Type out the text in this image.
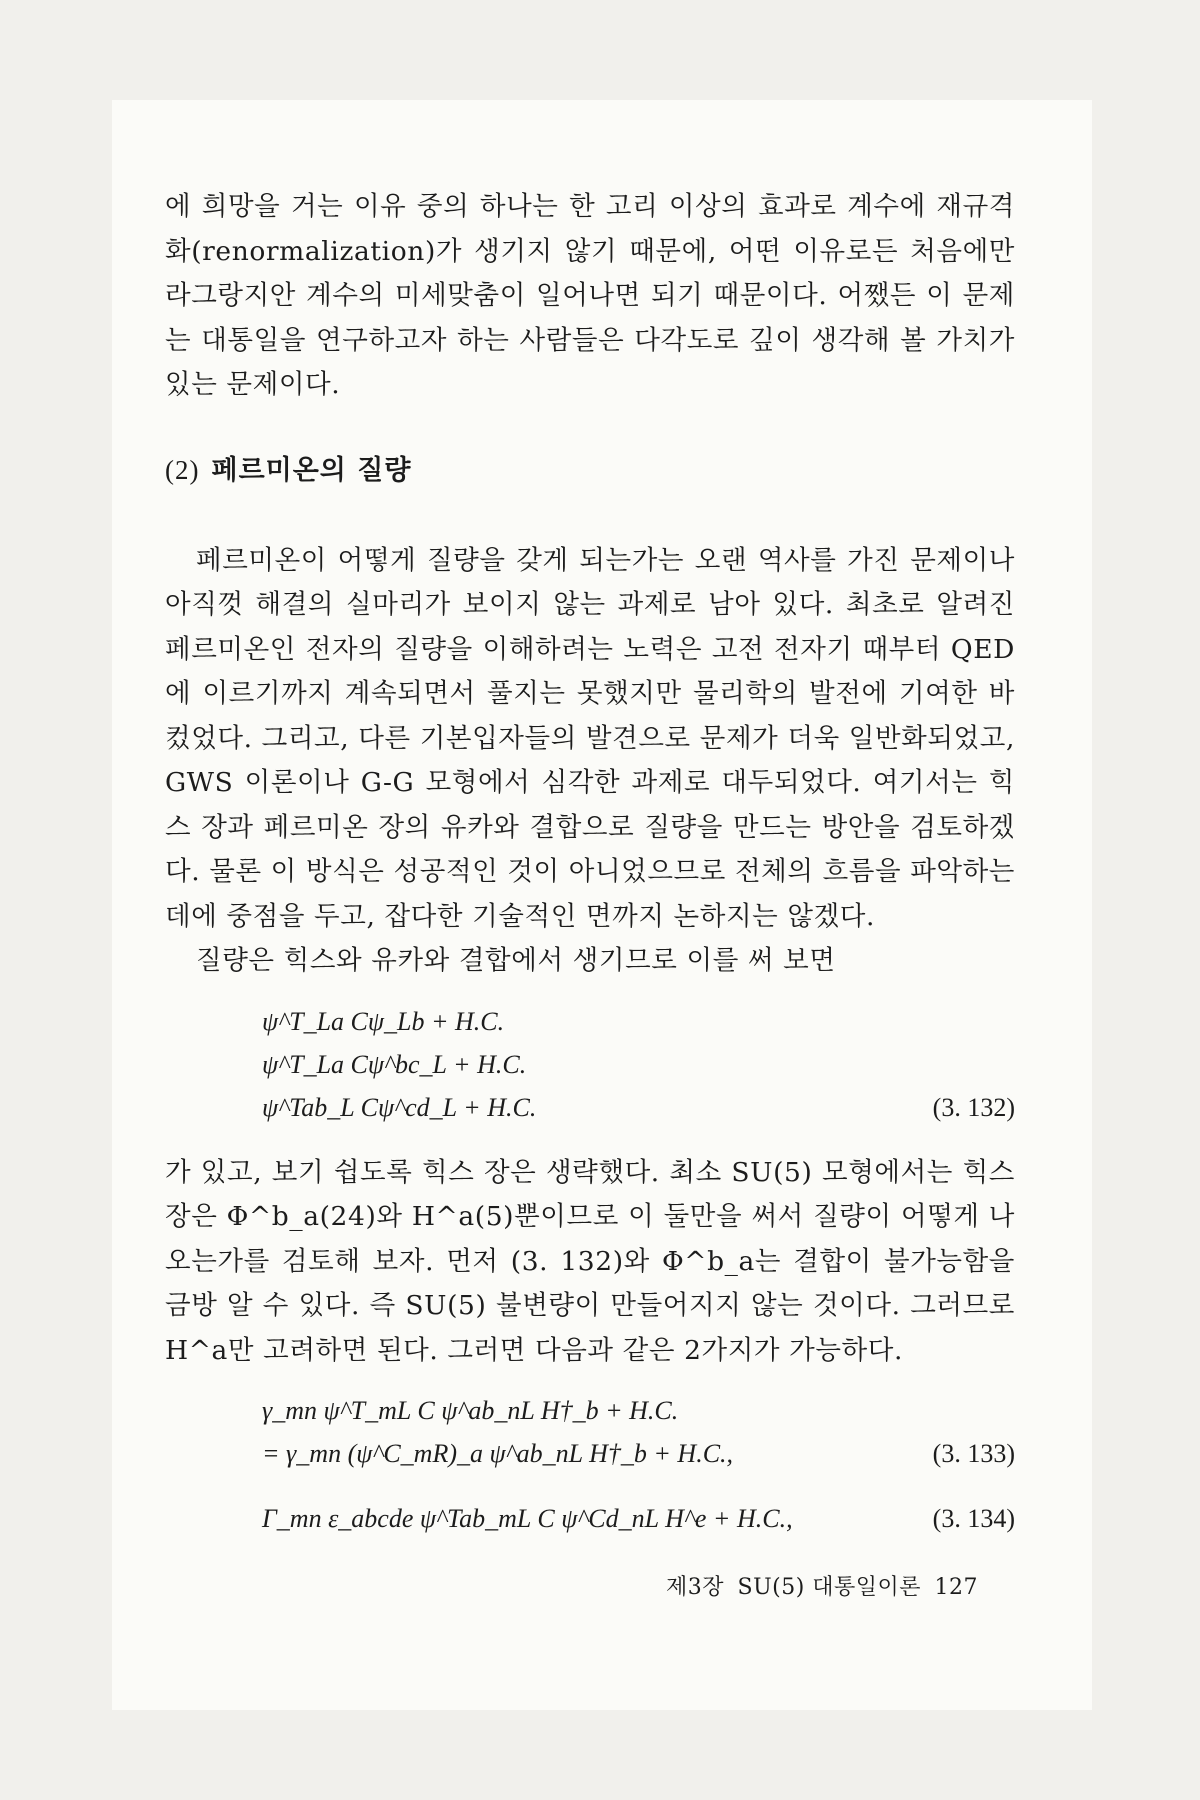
에 희망을 거는 이유 중의 하나는 한 고리 이상의 효과로 계수에 재규격화(renormalization)가 생기지 않기 때문에, 어떤 이유로든 처음에만 라그랑지안 계수의 미세맞춤이 일어나면 되기 때문이다. 어쨌든 이 문제는 대통일을 연구하고자 하는 사람들은 다각도로 깊이 생각해 볼 가치가 있는 문제이다.

(2) 페르미온의 질량

페르미온이 어떻게 질량을 갖게 되는가는 오랜 역사를 가진 문제이나 아직껏 해결의 실마리가 보이지 않는 과제로 남아 있다. 최초로 알려진 페르미온인 전자의 질량을 이해하려는 노력은 고전 전자기 때부터 QED에 이르기까지 계속되면서 풀지는 못했지만 물리학의 발전에 기여한 바 컸었다. 그리고, 다른 기본입자들의 발견으로 문제가 더욱 일반화되었고, GWS 이론이나 G-G 모형에서 심각한 과제로 대두되었다. 여기서는 힉스 장과 페르미온 장의 유카와 결합으로 질량을 만드는 방안을 검토하겠다. 물론 이 방식은 성공적인 것이 아니었으므로 전체의 흐름을 파악하는 데에 중점을 두고, 잡다한 기술적인 면까지 논하지는 않겠다.

질량은 힉스와 유카와 결합에서 생기므로 이를 써 보면

ψ^T_La Cψ_Lb + H.C.
ψ^T_La Cψ^bc_L + H.C.
ψ^Tab_L Cψ^cd_L + H.C.	(3. 132)

가 있고, 보기 쉽도록 힉스 장은 생략했다. 최소 SU(5) 모형에서는 힉스 장은 Φ^b_a(24)와 H^a(5)뿐이므로 이 둘만을 써서 질량이 어떻게 나오는가를 검토해 보자. 먼저 (3. 132)와 Φ^b_a는 결합이 불가능함을 금방 알 수 있다. 즉 SU(5) 불변량이 만들어지지 않는 것이다. 그러므로 H^a만 고려하면 된다. 그러면 다음과 같은 2가지가 가능하다.

γ_mn ψ^T_mL C ψ^ab_nL H†_b + H.C.
= γ_mn (ψ^C_mR)_a ψ^ab_nL H†_b + H.C.,	(3. 133)
Γ_mn ε_abcde ψ^Tab_mL C ψ^Cd_nL H^e + H.C.,	(3. 134)
제3장 SU(5) 대통일이론 127
